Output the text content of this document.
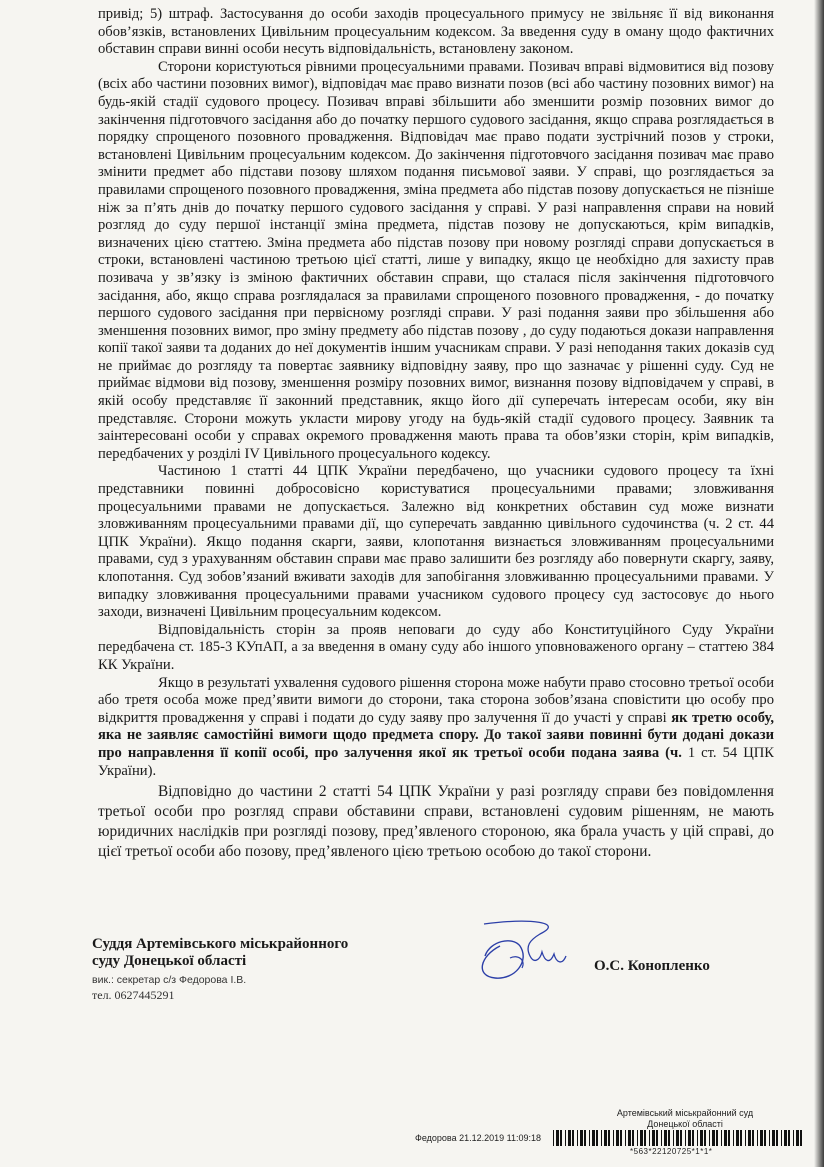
привід; 5) штраф. Застосування до особи заходів процесуального примусу не звільняє її від виконання обов’язків, встановлених Цивільним процесуальним кодексом. За введення суду в оману щодо фактичних обставин справи винні особи несуть відповідальність, встановлену законом.

Сторони користуються рівними процесуальними правами. Позивач вправі відмовитися від позову (всіх або частини позовних вимог), відповідач має право визнати позов (всі або частину позовних вимог) на будь-якій стадії судового процесу. Позивач вправі збільшити або зменшити розмір позовних вимог до закінчення підготовчого засідання або до початку першого судового засідання, якщо справа розглядається в порядку спрощеного позовного провадження. Відповідач має право подати зустрічний позов у строки, встановлені Цивільним процесуальним кодексом. До закінчення підготовчого засідання позивач має право змінити предмет або підстави позову шляхом подання письмової заяви. У справі, що розглядається за правилами спрощеного позовного провадження, зміна предмета або підстав позову допускається не пізніше ніж за п’ять днів до початку першого судового засідання у справі. У разі направлення справи на новий розгляд до суду першої інстанції зміна предмета, підстав позову не допускаються, крім випадків, визначених цією статтею. Зміна предмета або підстав позову при новому розгляді справи допускається в строки, встановлені частиною третьою цієї статті, лише у випадку, якщо це необхідно для захисту прав позивача у зв’язку із зміною фактичних обставин справи, що сталася після закінчення підготовчого засідання, або, якщо справа розглядалася за правилами спрощеного позовного провадження, - до початку першого судового засідання при первісному розгляді справи. У разі подання заяви про збільшення або зменшення позовних вимог, про зміну предмету або підстав позову , до суду подаються докази направлення копії такої заяви та доданих до неї документів іншим учасникам справи. У разі неподання таких доказів суд не приймає до розгляду та повертає заявнику відповідну заяву, про що зазначає у рішенні суду. Суд не приймає відмови від позову, зменшення розміру позовних вимог, визнання позову відповідачем у справі, в якій особу представляє її законний представник, якщо його дії суперечать інтересам особи, яку він представляє. Сторони можуть укласти мирову угоду на будь-якій стадії судового процесу. Заявник та заінтересовані особи у справах окремого провадження мають права та обов’язки сторін, крім випадків, передбачених у розділі IV Цивільного процесуального кодексу.

Частиною 1 статті 44 ЦПК України передбачено, що учасники судового процесу та їхні представники повинні добросовісно користуватися процесуальними правами; зловживання процесуальними правами не допускається. Залежно від конкретних обставин суд може визнати зловживанням процесуальними правами дії, що суперечать завданню цивільного судочинства (ч. 2 ст. 44 ЦПК України). Якщо подання скарги, заяви, клопотання визнається зловживанням процесуальними правами, суд з урахуванням обставин справи має право залишити без розгляду або повернути скаргу, заяву, клопотання. Суд зобов’язаний вживати заходів для запобігання зловживанню процесуальними правами. У випадку зловживання процесуальними правами учасником судового процесу суд застосовує до нього заходи, визначені Цивільним процесуальним кодексом.

Відповідальність сторін за прояв неповаги до суду або Конституційного Суду України передбачена ст. 185-3 КУпАП, а за введення в оману суду або іншого уповноваженого органу – статтею 384 КК України.

Якщо в результаті ухвалення судового рішення сторона може набути право стосовно третьої особи або третя особа може пред’явити вимоги до сторони, така сторона зобов’язана сповістити цю особу про відкриття провадження у справі і подати до суду заяву про залучення її до участі у справі як третю особу, яка не заявляє самостійні вимоги щодо предмета спору. До такої заяви повинні бути додані докази про направлення її копії особі, про залучення якої як третьої особи подана заява (ч. 1 ст. 54 ЦПК України).

Відповідно до частини 2 статті 54 ЦПК України у разі розгляду справи без повідомлення третьої особи про розгляд справи обставини справи, встановлені судовим рішенням, не мають юридичних наслідків при розгляді позову, пред’явленого стороною, яка брала участь у цій справі, до цієї третьої особи або позову, пред’явленого цією третьою особою до такої сторони.

Суддя Артемівського міськрайонного
суду Донецької області
вик.: секретар с/з Федорова І.В.
тел. 0627445291
О.С. Конопленко
Артемівський міськрайонний суд
Донецької області
Федорова 21.12.2019 11:09:18
*563*22120725*1*1*
